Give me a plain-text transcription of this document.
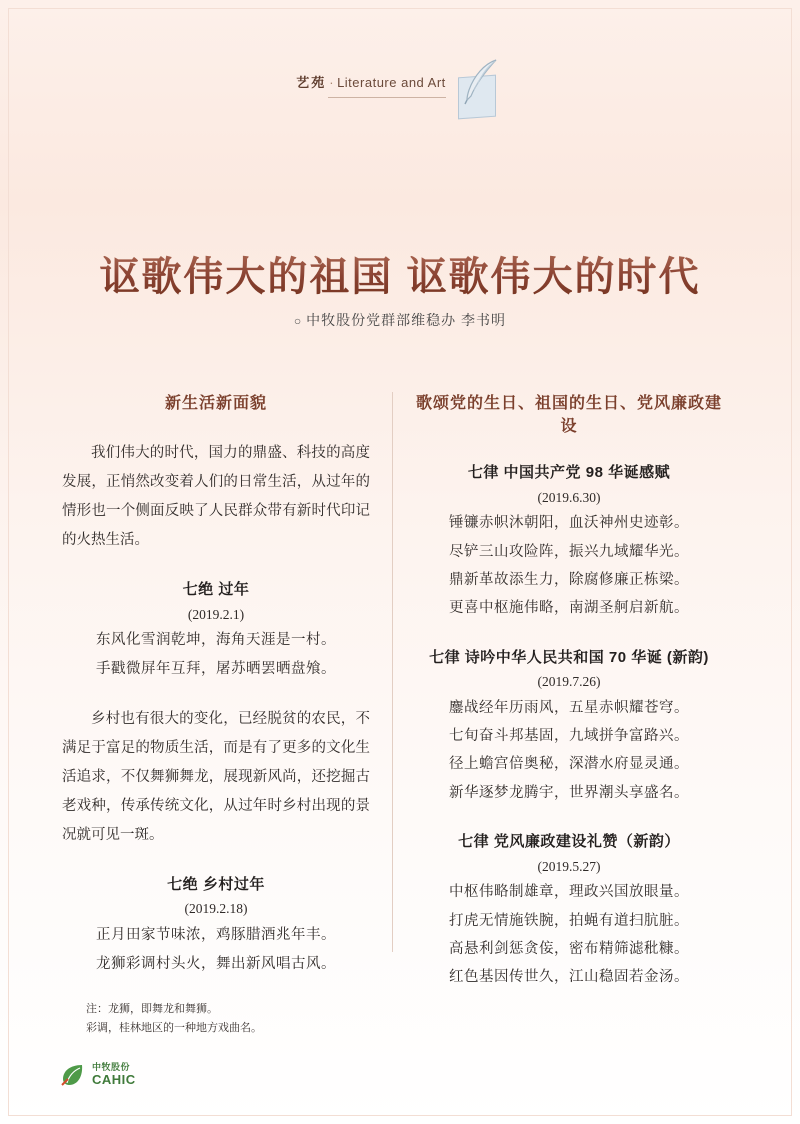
艺苑 · Literature and Art
讴歌伟大的祖国 讴歌伟大的时代
○ 中牧股份党群部维稳办 李书明
新生活新面貌

我们伟大的时代，国力的鼎盛、科技的高度发展，正悄然改变着人们的日常生活，从过年的情形也一个侧面反映了人民群众带有新时代印记的火热生活。

七绝 过年
(2019.2.1)
东风化雪润乾坤，海角天涯是一村。
手戳微屏年互拜，屠苏晒罢晒盘飧。

乡村也有很大的变化，已经脱贫的农民，不满足于富足的物质生活，而是有了更多的文化生活追求，不仅舞狮舞龙，展现新风尚，还挖掘古老戏种，传承传统文化，从过年时乡村出现的景况就可见一斑。

七绝 乡村过年
(2019.2.18)
正月田家节味浓，鸡豚腊酒兆年丰。
龙狮彩调村头火，舞出新风唱古风。
注：龙狮，即舞龙和舞狮。
彩调，桂林地区的一种地方戏曲名。
歌颂党的生日、祖国的生日、党风廉政建设
七律 中国共产党 98 华诞感赋
(2019.6.30)
锤镰赤帜沐朝阳，血沃神州史迹彰。
尽铲三山攻险阵，振兴九域耀华光。
鼎新革故添生力，除腐修廉正栋梁。
更喜中枢施伟略，南湖圣舸启新航。
七律 诗吟中华人民共和国 70 华诞 (新韵)
(2019.7.26)
鏖战经年历雨风，五星赤帜耀苍穹。
七旬奋斗邦基固，九域拼争富路兴。
径上蟾宫倍奥秘，深潜水府显灵通。
新华逐梦龙腾宇，世界潮头享盛名。
七律 党风廉政建设礼赞（新韵）
(2019.5.27)
中枢伟略制雄章，理政兴国放眼量。
打虎无情施铁腕，拍蝇有道扫肮脏。
高悬利剑惩贪侫，密布精筛滤秕糠。
红色基因传世久，江山稳固若金汤。
中牧股份
CAHIC
